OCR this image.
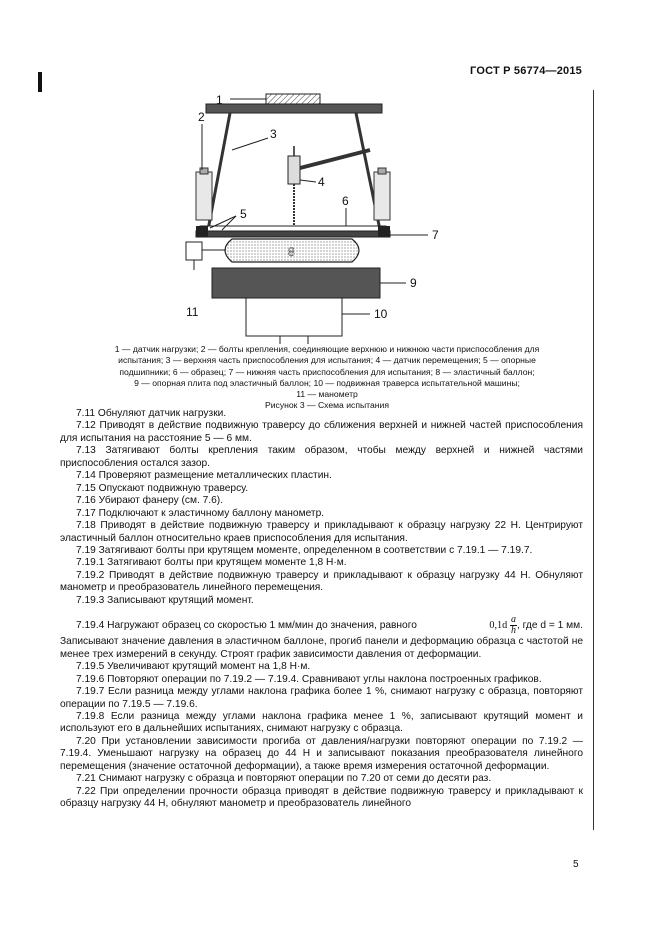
ГОСТ Р 56774—2015
8
1
2
3
4
5
6
7
9
10
11

1 — датчик нагрузки; 2 — болты крепления, соединяющие верхнюю и нижнюю части приспособления для

испытания; 3 — верхняя часть приспособления для испытания; 4 — датчик перемещения; 5 — опорные

подшипники; 6 — образец; 7 — нижняя часть приспособления для испытания; 8 — эластичный баллон;

9 — опорная плита под эластичный баллон; 10 — подвижная траверса испытательной машины;

11 — манометр

Рисунок 3 — Схема испытания

7.11 Обнуляют датчик нагрузки.

7.12 Приводят в действие подвижную траверсу до сближения верхней и нижней частей приспособления для испытания на расстояние 5 — 6 мм.

7.13 Затягивают болты крепления таким образом, чтобы между верхней и нижней частями приспособления остался зазор.

7.14 Проверяют размещение металлических пластин.

7.15 Опускают подвижную траверсу.

7.16 Убирают фанеру (см. 7.6).

7.17 Подключают к эластичному баллону манометр.

7.18 Приводят в действие подвижную траверсу и прикладывают к образцу нагрузку 22 Н. Центрируют эластичный баллон относительно краев приспособления для испытания.

7.19 Затягивают болты при крутящем моменте, определенном в соответствии с 7.19.1 — 7.19.7.

7.19.1 Затягивают болты при крутящем моменте 1,8 Н·м.

7.19.2 Приводят в действие подвижную траверсу и прикладывают к образцу нагрузку 44 Н. Обнуляют манометр и преобразователь линейного перемещения.

7.19.3 Записывают крутящий момент.

7.19.4 Нагружают образец со скоростью 1 мм/мин до значения, равного	$0,1d \frac{a}{h}$ , где d = 1 мм.

Записывают значение давления в эластичном баллоне, прогиб панели и деформацию образца с частотой не менее трех измерений в секунду. Строят график зависимости давления от деформации.

7.19.5 Увеличивают крутящий момент на 1,8 Н·м.

7.19.6 Повторяют операции по 7.19.2 — 7.19.4. Сравнивают углы наклона построенных графиков.

7.19.7 Если разница между углами наклона графика более 1 %, снимают нагрузку с образца, повторяют операции по 7.19.5 — 7.19.6.

7.19.8 Если разница между углами наклона графика менее 1 %, записывают крутящий момент и используют его в дальнейших испытаниях, снимают нагрузку с образца.

7.20 При установлении зависимости прогиба от давления/нагрузки повторяют операции по 7.19.2 — 7.19.4. Уменьшают нагрузку на образец до 44 Н и записывают показания преобразователя линейного перемещения (значение остаточной деформации), а также время измерения остаточной деформации.

7.21 Снимают нагрузку с образца и повторяют операции по 7.20 от семи до десяти раз.

7.22 При определении прочности образца приводят в действие подвижную траверсу и прикладывают к образцу нагрузку 44 Н, обнуляют манометр и преобразователь линейного

5
